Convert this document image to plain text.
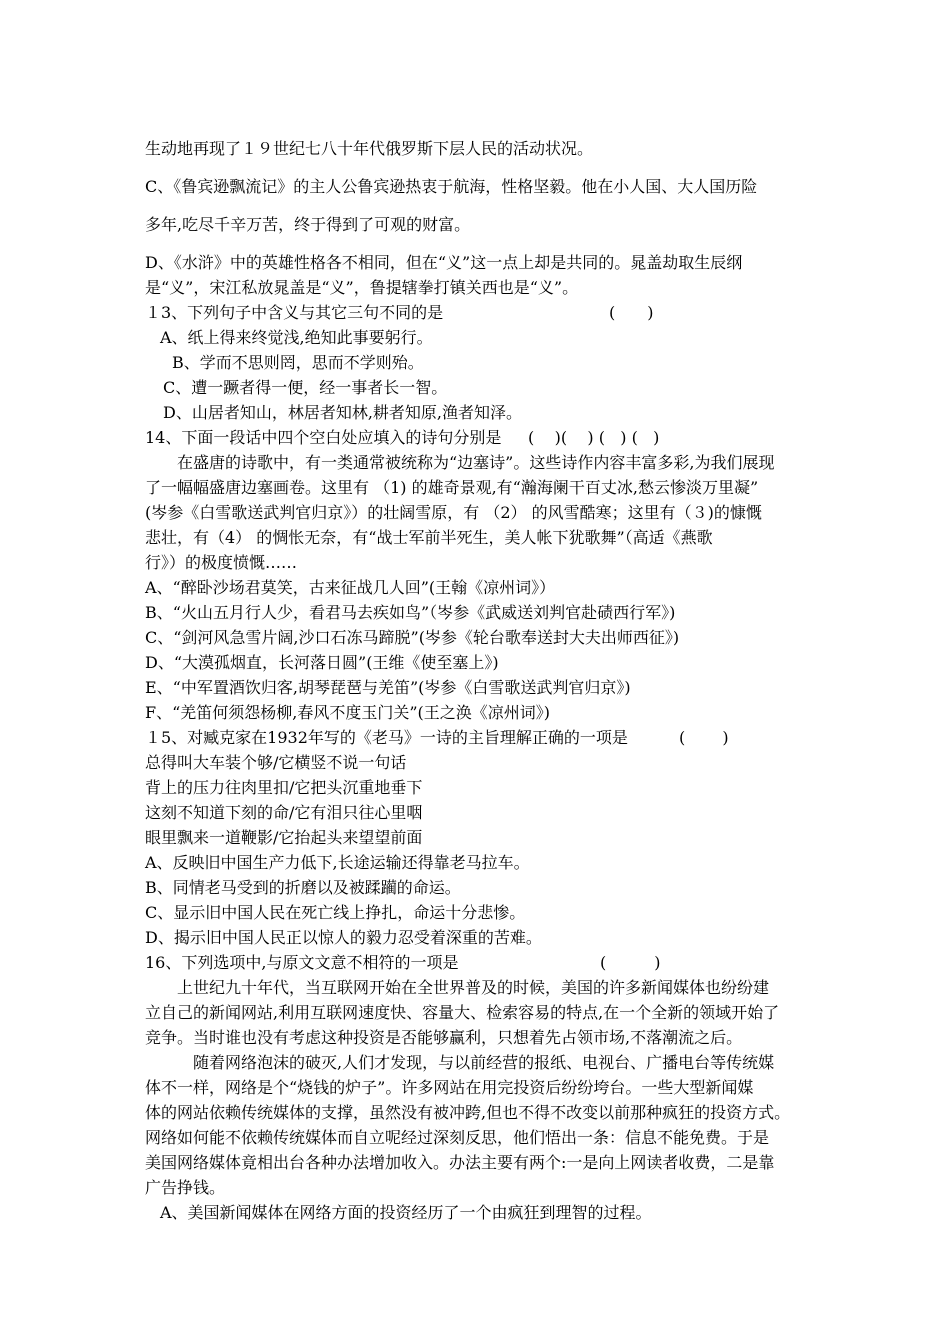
生动地再现了１９世纪七八十年代俄罗斯下层人民的活动状况。
C、《鲁宾逊飘流记》的主人公鲁宾逊热衷于航海，性格坚毅。他在小人国、大人国历险
多年,吃尽千辛万苦，终于得到了可观的财富。
D、《水浒》中的英雄性格各不相同，但在“义”这一点上却是共同的。晁盖劫取生辰纲
是“义”，宋江私放晁盖是“义”，鲁提辖拳打镇关西也是“义”。
１3、下列句子中含义与其它三句不同的是	(　　)
A、纸上得来终觉浅,绝知此事要躬行。
B、学而不思则罔，思而不学则殆。
C、遭一蹶者得一便，经一事者长一智。
D、山居者知山，林居者知林,耕者知原,渔者知泽。
14、下面一段话中四个空白处应填入的诗句分别是 (    )(    ) (   ) (   )
在盛唐的诗歌中，有一类通常被统称为“边塞诗”。这些诗作内容丰富多彩,为我们展现
了一幅幅盛唐边塞画卷。这里有 （1) 的雄奇景观,有“瀚海阑干百丈冰,愁云惨淡万里凝”
(岑参《白雪歌送武判官归京》）的壮阔雪原，有 （2） 的风雪酷寒；这里有（３)的慷慨
悲壮，有（4） 的惆怅无奈，有“战士军前半死生，美人帐下犹歌舞”（高适《燕歌
行》）的极度愤慨……
A、“醉卧沙场君莫笑，古来征战几人回”(王翰《凉州词》）
B、“火山五月行人少，看君马去疾如鸟”（岑参《武威送刘判官赴碛西行军》)
C、“剑河风急雪片阔,沙口石冻马蹄脱”(岑参《轮台歌奉送封大夫出师西征》)
D、“大漠孤烟直，长河落日圆”(王维《使至塞上》)
E、“中军置酒饮归客,胡琴琵琶与羌笛”(岑参《白雪歌送武判官归京》)
F、“羌笛何须怨杨柳,春风不度玉门关”(王之涣《凉州词》)
１5、对臧克家在1932年写的《老马》一诗的主旨理解正确的一项是	(　　 )
总得叫大车装个够/它横竖不说一句话
背上的压力往肉里扣/它把头沉重地垂下
这刻不知道下刻的命/它有泪只往心里咽
眼里飘来一道鞭影/它抬起头来望望前面
A、反映旧中国生产力低下,长途运输还得靠老马拉车。
B、同情老马受到的折磨以及被蹂躏的命运。
C、显示旧中国人民在死亡线上挣扎，命运十分悲惨。
D、揭示旧中国人民正以惊人的毅力忍受着深重的苦难。
16、下列选项中,与原文文意不相符的一项是	(　　　)
上世纪九十年代，当互联网开始在全世界普及的时候，美国的许多新闻媒体也纷纷建
立自己的新闻网站,利用互联网速度快、容量大、检索容易的特点,在一个全新的领域开始了
竞争。当时谁也没有考虑这种投资是否能够赢利，只想着先占领市场,不落潮流之后。
随着网络泡沫的破灭,人们才发现，与以前经营的报纸、电视台、广播电台等传统媒
体不一样，网络是个“烧钱的炉子”。许多网站在用完投资后纷纷垮台。一些大型新闻媒
体的网站依赖传统媒体的支撑，虽然没有被冲跨,但也不得不改变以前那种疯狂的投资方式。
网络如何能不依赖传统媒体而自立呢经过深刻反思，他们悟出一条：信息不能免费。于是
美国网络媒体竟相出台各种办法增加收入。办法主要有两个:一是向上网读者收费，二是靠
广告挣钱。
A、美国新闻媒体在网络方面的投资经历了一个由疯狂到理智的过程。
